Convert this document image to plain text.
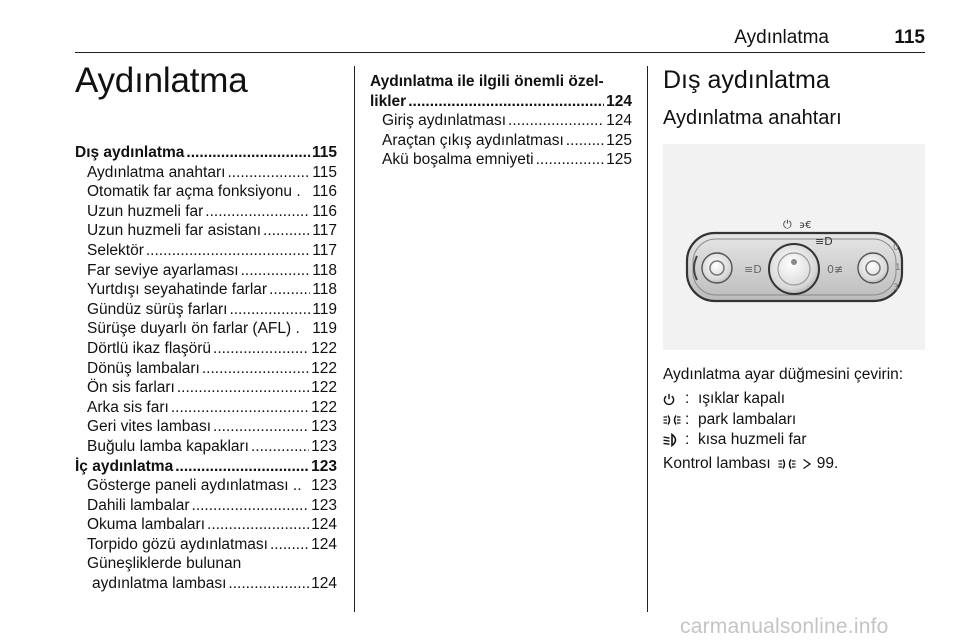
Aydınlatma	115
Aydınlatma
Dış aydınlatma .....	115
Aydınlatma anahtarı .....	115
Otomatik far açma fonksiyonu . 116
Uzun huzmeli far .....	116
Uzun huzmeli far asistanı .....	117
Selektör .....	117
Far seviye ayarlaması .....	118
Yurtdışı seyahatinde farlar .....	118
Gündüz sürüş farları .....	119
Sürüşe duyarlı ön farlar (AFL) . 119
Dörtlü ikaz flaşörü .....	122
Dönüş lambaları .....	122
Ön sis farları .....	122
Arka sis farı .....	122
Geri vites lambası .....	123
Buğulu lamba kapakları .....	123
İç aydınlatma .....	123
Gösterge paneli aydınlatması .. 123
Dahili lambalar .....	123
Okuma lambaları .....	124
Torpido gözü aydınlatması .....	124
Güneşliklerde bulunan
aydınlatma lambası .....	124
Aydınlatma ile ilgili önemli özel-
likler .....	124
Giriş aydınlatması .....	124
Araçtan çıkış aydınlatması .....	125
Akü boşalma emniyeti .....	125
Dış aydınlatma
Aydınlatma anahtarı
≡D
⏻ ϶€
≡D
0≢
0
1
3
Aydınlatma ayar düğmesini çevirin:
: ışıklar kapalı
: park lambaları
: kısa huzmeli far
Kontrol lambası	99.
carmanualsonline.info
